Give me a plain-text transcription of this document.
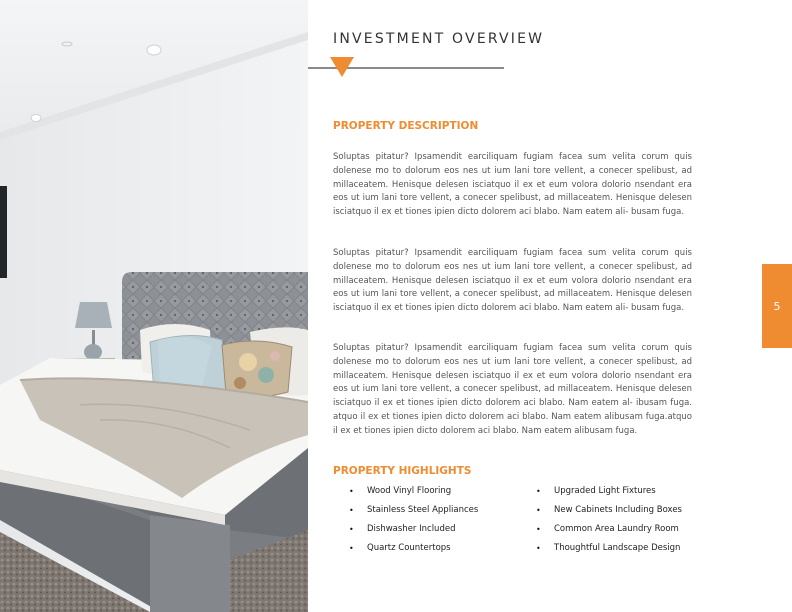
INVESTMENT OVERVIEW
PROPERTY DESCRIPTION

Soluptas pitatur? Ipsamendit earciliquam fugiam facea sum velita corum quis dolenese mo to dolorum eos nes ut ium lani tore vellent, a conecer spelibust, ad millaceatem. Henisque delesen isciatquo il ex et eum volora dolorio nsendant era eos ut ium lani tore vellent, a conecer spelibust, ad millaceatem. Henisque delesen isciatquo il ex et tiones ipien dicto dolorem aci blabo. Nam eatem ali- busam fuga.

Soluptas pitatur? Ipsamendit earciliquam fugiam facea sum velita corum quis dolenese mo to dolorum eos nes ut ium lani tore vellent, a conecer spelibust, ad millaceatem. Henisque delesen isciatquo il ex et eum volora dolorio nsendant era eos ut ium lani tore vellent, a conecer spelibust, ad millaceatem. Henisque delesen isciatquo il ex et tiones ipien dicto dolorem aci blabo. Nam eatem ali- busam fuga.

Soluptas pitatur? Ipsamendit earciliquam fugiam facea sum velita corum quis dolenese mo to dolorum eos nes ut ium lani tore vellent, a conecer spelibust, ad millaceatem. Henisque delesen isciatquo il ex et eum volora dolorio nsendant era eos ut ium lani tore vellent, a conecer spelibust, ad millaceatem. Henisque delesen isciatquo il ex et tiones ipien dicto dolorem aci blabo. Nam eatem al- ibusam fuga. atquo il ex et tiones ipien dicto dolorem aci blabo. Nam eatem alibusam fuga.atquo il ex et tiones ipien dicto dolorem aci blabo. Nam eatem alibusam fuga.

PROPERTY HIGHLIGHTS
• Wood Vinyl Flooring
• Stainless Steel Appliances
• Dishwasher Included
• Quartz Countertops
• Upgraded Light Fixtures
• New Cabinets Including Boxes
• Common Area Laundry Room
• Thoughtful Landscape Design
5
